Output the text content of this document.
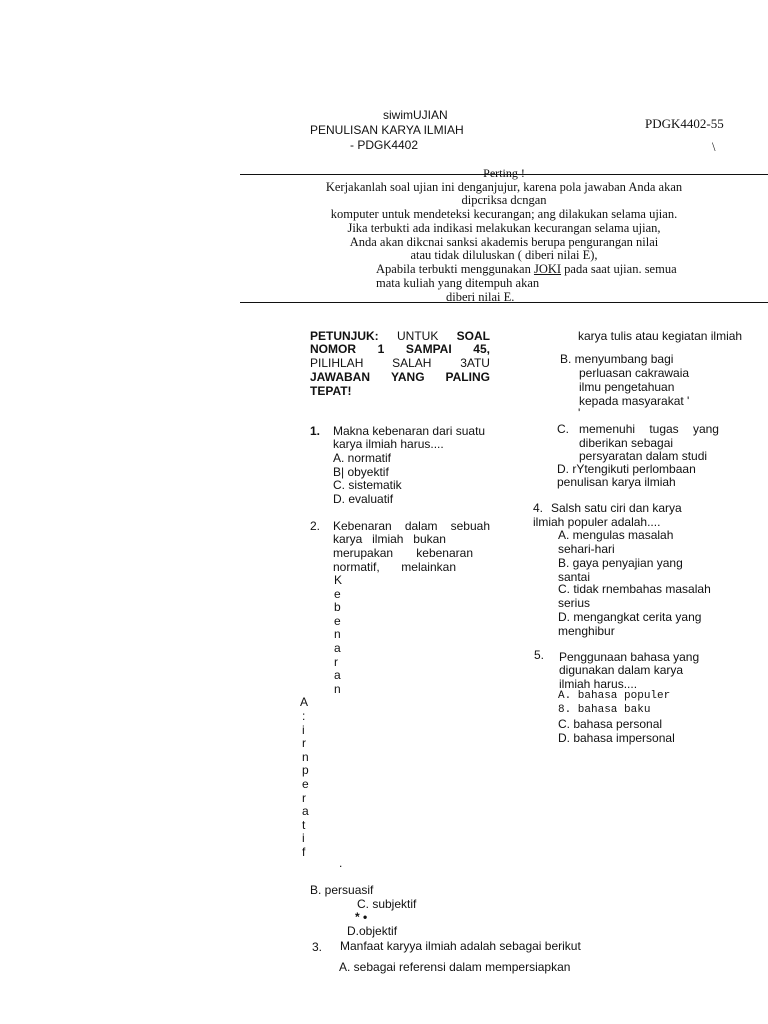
siwimUJIAN
PENULISAN KARYA ILMIAH
- PDGK4402
PDGK4402-55
\
Perting !
Kerjakanlah soal ujian ini denganjujur, karena pola jawaban Anda akan
dipcriksa dcngan
komputer untuk mendeteksi kecurangan; ang dilakukan selama ujian.
Jika terbukti ada indikasi melakukan kecurangan selama ujian,
Anda akan dikcnai sanksi akademis berupa pengurangan nilai
atau tidak diluluskan ( diberi nilai E),
Apabila terbukti menggunakan JOKI pada saat ujian. semua
mata kuliah yang ditempuh akan
diberi nilai E.
PETUNJUK: UNTUK SOAL
NOMOR 1 SAMPAI 45,
PILIHLAH SALAH 3ATU
JAWABAN YANG PALING
TEPAT!
1. Makna kebenaran dari suatu
karya ilmiah harus....
A. normatif
B| obyektif
C. sistematik
D. evaluatif
2. Kebenaran dalam sebuah
karya ilmiah bukan
merupakan kebenaran
normatif, melainkan
K
e
b
e
n
a
r
a
n
A
:
i
r
n
p
e
r
a
t
i
f
.
B. persuasif
C. subjektif
* •
D.objektif
3. Manfaat karyya ilmiah adalah sebagai berikut
A. sebagai referensi dalam mempersiapkan
karya tulis atau kegiatan ilmiah
B. menyumbang bagi
perluasan cakrawaia
ilmu pengetahuan
kepada masyarakat '
'
C. memenuhi tugas yang
diberikan sebagai
persyaratan dalam studi
D. rYtengikuti perlombaan
penulisan karya ilmiah
4. Salsh satu ciri dan karya
ilmiah populer adalah....
A. mengulas masalah
sehari-hari
B. gaya penyajian yang
santai
C. tidak rnembahas masalah
serius
D. mengangkat cerita yang
menghibur
5. Penggunaan bahasa yang
digunakan dalam karya
ilmiah harus....
A. bahasa populer
8. bahasa baku
C. bahasa personal
D. bahasa impersonal
